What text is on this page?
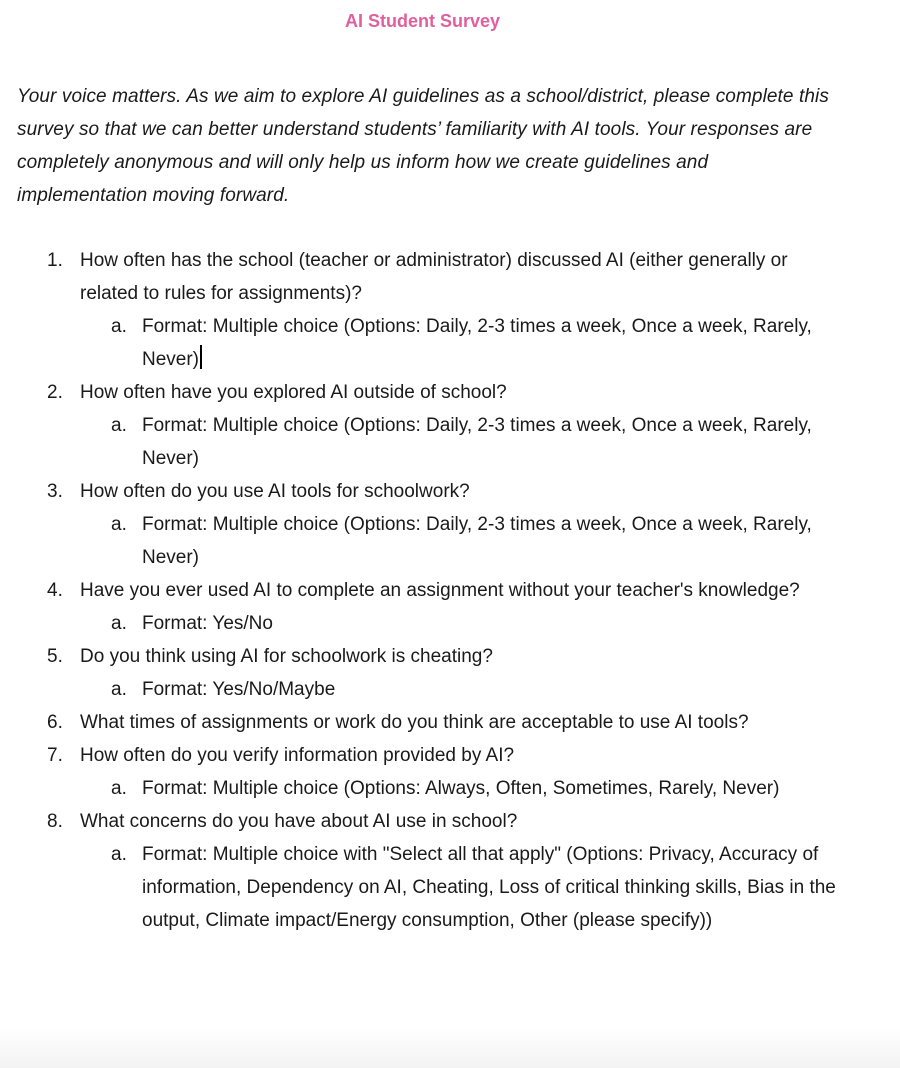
AI Student Survey
Your voice matters. As we aim to explore AI guidelines as a school/district, please complete this survey so that we can better understand students’ familiarity with AI tools. Your responses are completely anonymous and will only help us inform how we create guidelines and implementation moving forward.
1. How often has the school (teacher or administrator) discussed AI (either generally or related to rules for assignments)?
a. Format: Multiple choice (Options: Daily, 2-3 times a week, Once a week, Rarely, Never)
2. How often have you explored AI outside of school?
a. Format: Multiple choice (Options: Daily, 2-3 times a week, Once a week, Rarely, Never)
3. How often do you use AI tools for schoolwork?
a. Format: Multiple choice (Options: Daily, 2-3 times a week, Once a week, Rarely, Never)
4. Have you ever used AI to complete an assignment without your teacher's knowledge?
a. Format: Yes/No
5. Do you think using AI for schoolwork is cheating?
a. Format: Yes/No/Maybe
6. What times of assignments or work do you think are acceptable to use AI tools?
7. How often do you verify information provided by AI?
a. Format: Multiple choice (Options: Always, Often, Sometimes, Rarely, Never)
8. What concerns do you have about AI use in school?
a. Format: Multiple choice with "Select all that apply" (Options: Privacy, Accuracy of information, Dependency on AI, Cheating, Loss of critical thinking skills, Bias in the output, Climate impact/Energy consumption, Other (please specify))
